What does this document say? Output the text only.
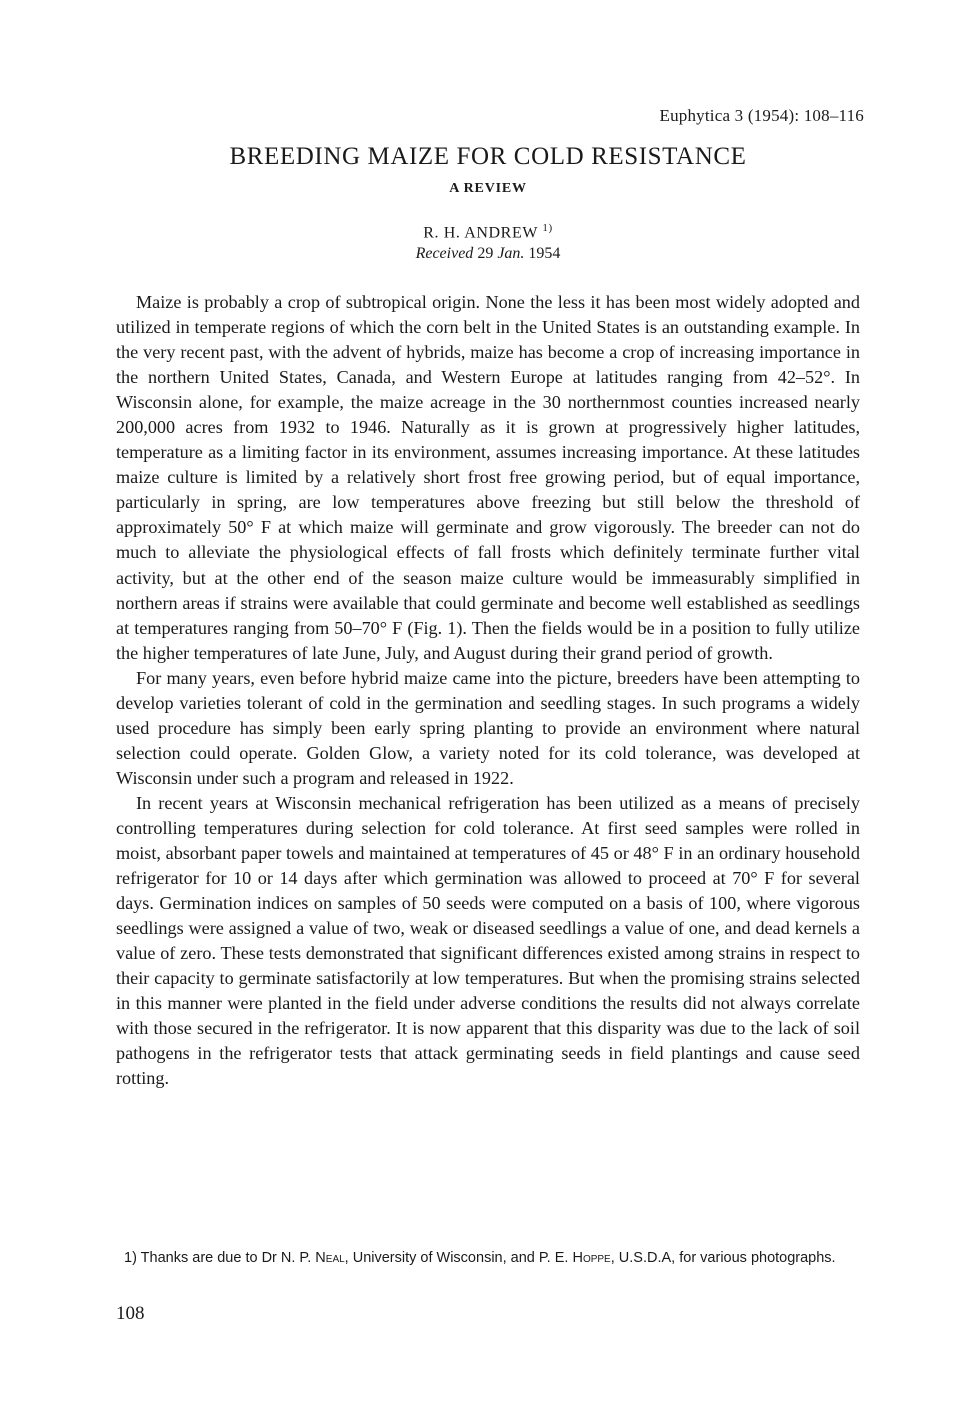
Euphytica 3 (1954): 108–116
BREEDING MAIZE FOR COLD RESISTANCE
A REVIEW
R. H. ANDREW $^{1)}$
Received 29 Jan. 1954

Maize is probably a crop of subtropical origin. None the less it has been most widely adopted and utilized in temperate regions of which the corn belt in the United States is an outstanding example. In the very recent past, with the advent of hybrids, maize has become a crop of increasing importance in the northern United States, Canada, and Western Europe at latitudes ranging from 42–52°. In Wisconsin alone, for example, the maize acreage in the 30 northernmost counties increased nearly 200,000 acres from 1932 to 1946. Naturally as it is grown at progressively higher latitudes, temperature as a limiting factor in its environment, assumes increasing importance. At these latitudes maize culture is limited by a relatively short frost free growing period, but of equal importance, particularly in spring, are low temperatures above freezing but still below the threshold of approximately 50° F at which maize will germinate and grow vigorously. The breeder can not do much to alleviate the physiological effects of fall frosts which definitely terminate further vital activity, but at the other end of the season maize culture would be immeasurably simplified in northern areas if strains were available that could germinate and become well established as seedlings at temperatures ranging from 50–70° F (Fig. 1). Then the fields would be in a position to fully utilize the higher temperatures of late June, July, and August during their grand period of growth.

For many years, even before hybrid maize came into the picture, breeders have been attempting to develop varieties tolerant of cold in the germination and seedling stages. In such programs a widely used procedure has simply been early spring planting to provide an environment where natural selection could operate. Golden Glow, a variety noted for its cold tolerance, was developed at Wisconsin under such a program and released in 1922.

In recent years at Wisconsin mechanical refrigeration has been utilized as a means of precisely controlling temperatures during selection for cold tolerance. At first seed samples were rolled in moist, absorbant paper towels and maintained at temperatures of 45 or 48° F in an ordinary household refrigerator for 10 or 14 days after which germination was allowed to proceed at 70° F for several days. Germination indices on samples of 50 seeds were computed on a basis of 100, where vigorous seedlings were assigned a value of two, weak or diseased seedlings a value of one, and dead kernels a value of zero. These tests demonstrated that significant differences existed among strains in respect to their capacity to germinate satisfactorily at low temperatures. But when the promising strains selected in this manner were planted in the field under adverse conditions the results did not always correlate with those secured in the refrigerator. It is now apparent that this disparity was due to the lack of soil pathogens in the refrigerator tests that attack germinating seeds in field plantings and cause seed rotting.

1) Thanks are due to Dr N. P. Neal, University of Wisconsin, and P. E. Hoppe, U.S.D.A, for various photographs.
108
